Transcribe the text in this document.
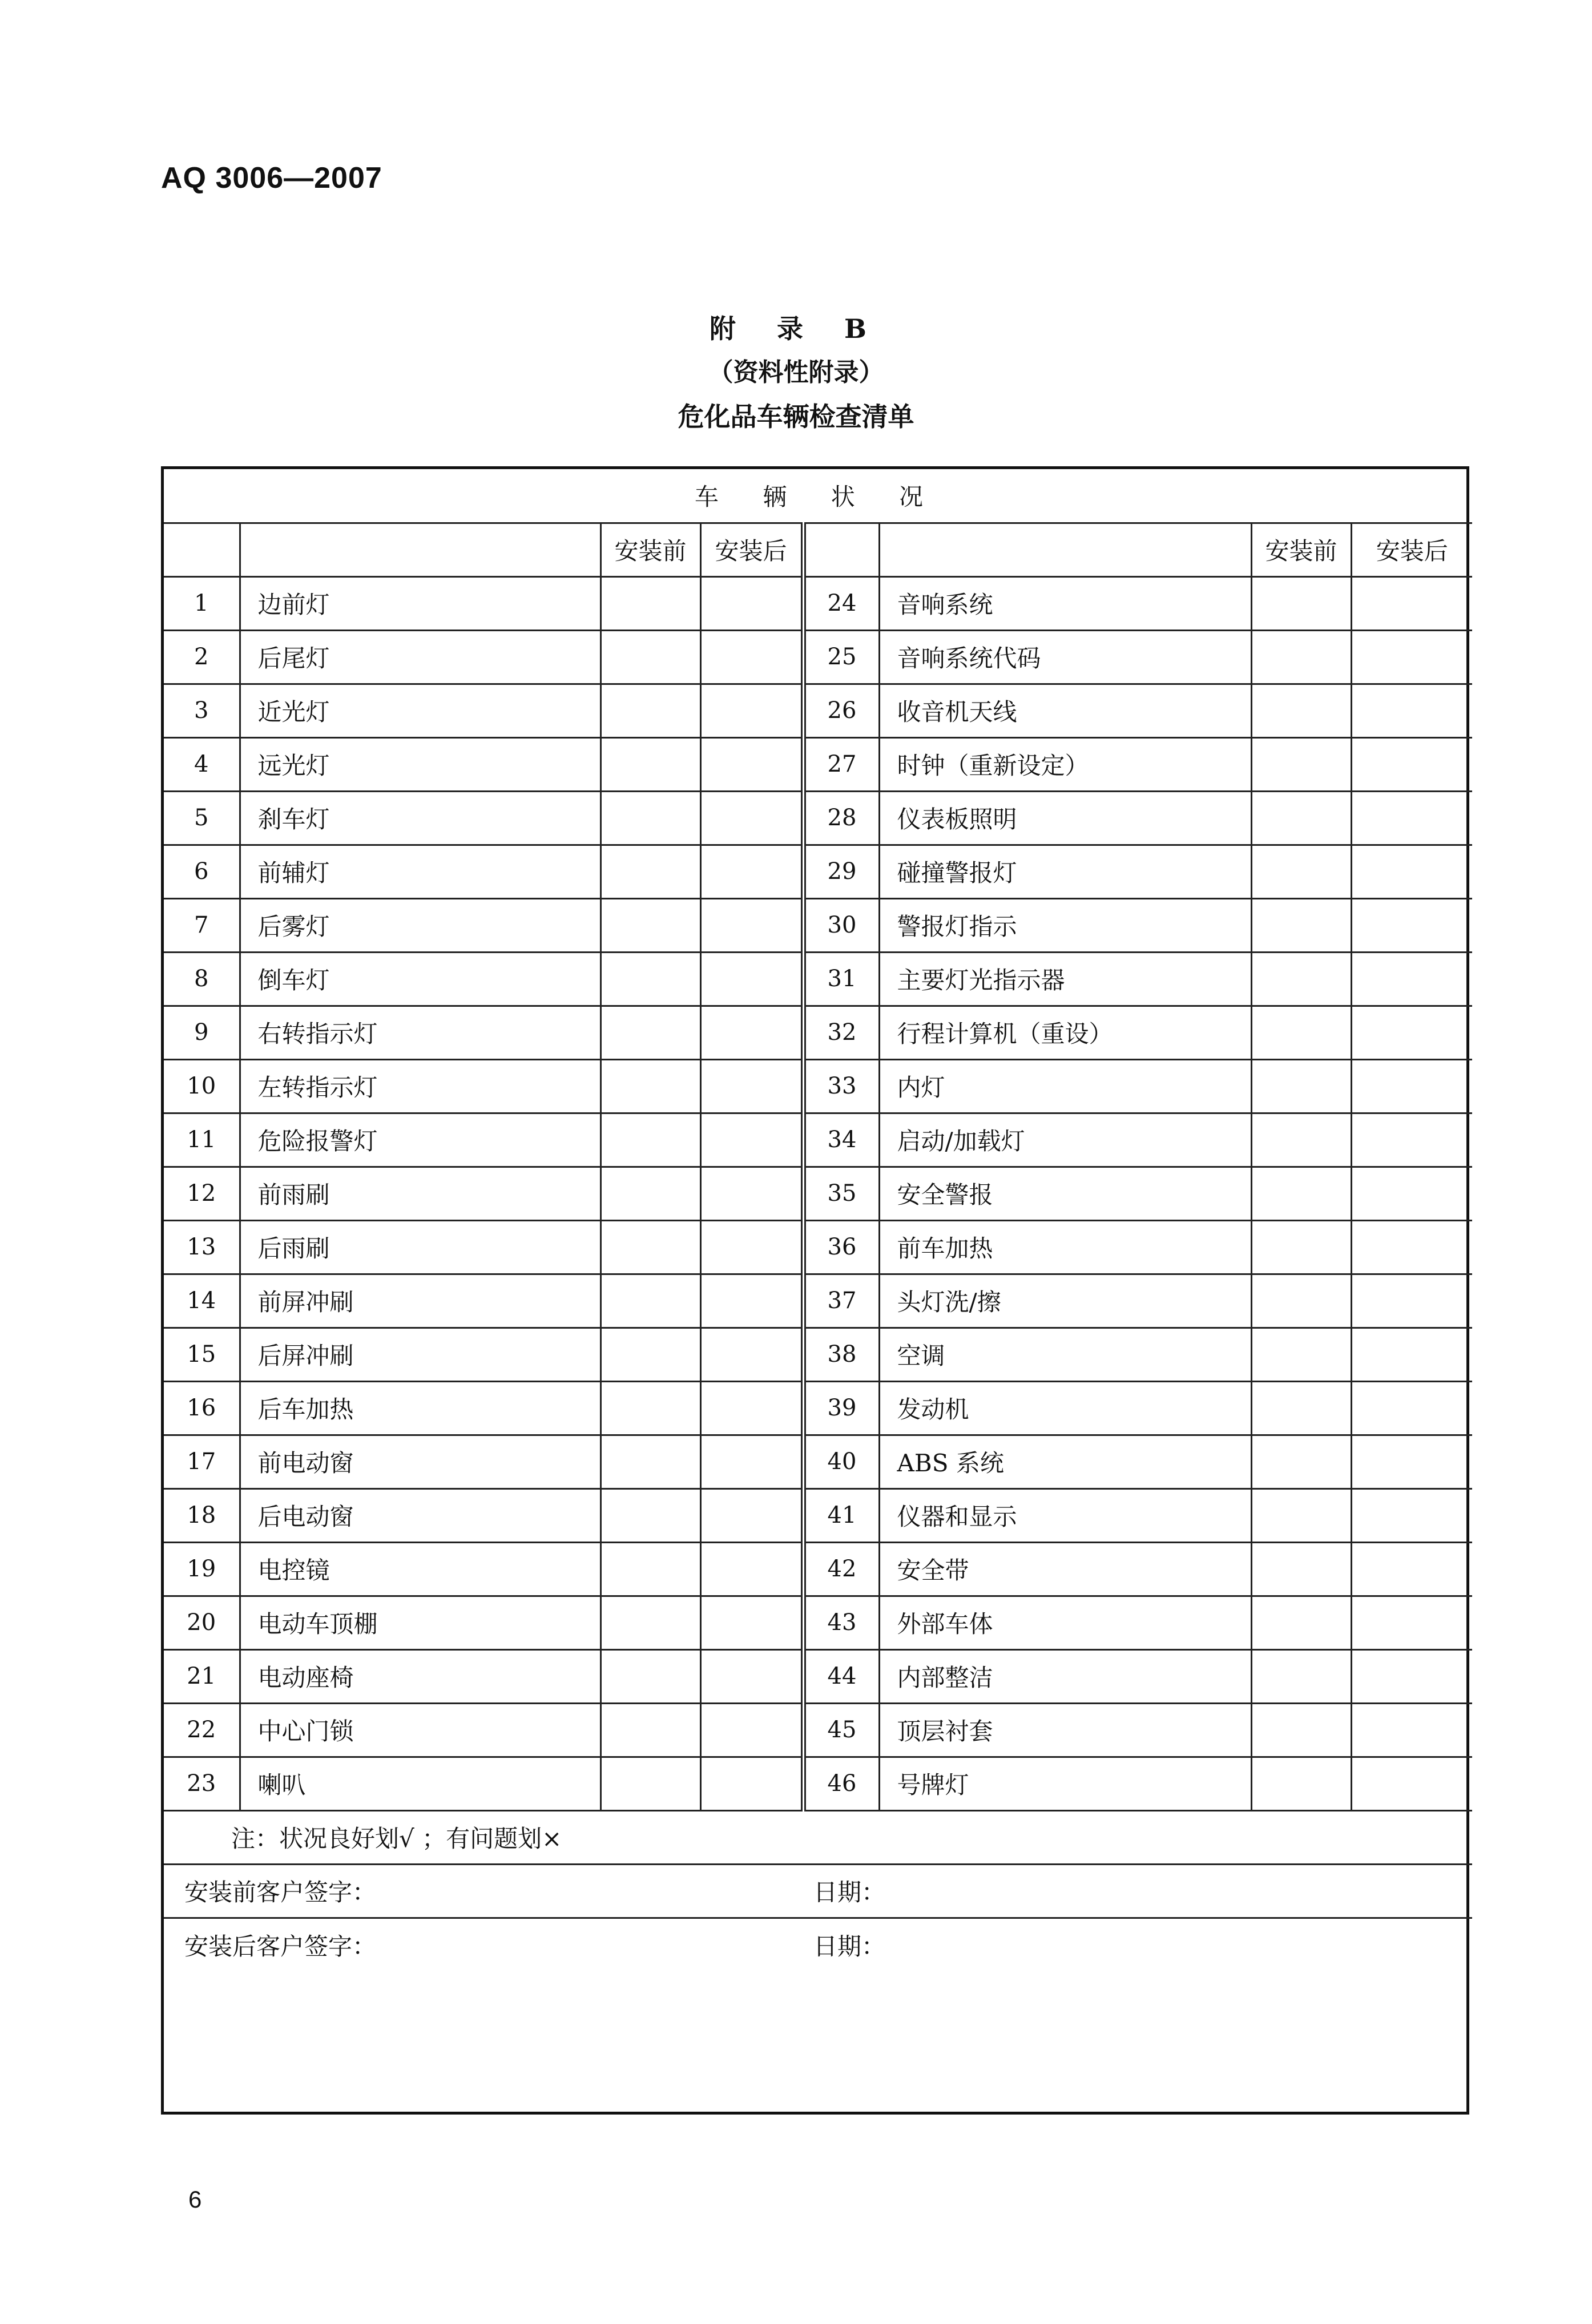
AQ 3006—2007
附 录 B
（资料性附录）
危化品车辆检查清单
车 辆 状 况							
		安装前	安装后			安装前	安装后
1	边前灯			24	音响系统		
2	后尾灯			25	音响系统代码		
3	近光灯			26	收音机天线		
4	远光灯			27	时钟（重新设定）		
5	刹车灯			28	仪表板照明		
6	前辅灯			29	碰撞警报灯		
7	后雾灯			30	警报灯指示		
8	倒车灯			31	主要灯光指示器		
9	右转指示灯			32	行程计算机（重设）		
10	左转指示灯			33	内灯		
11	危险报警灯			34	启动/加载灯		
12	前雨刷			35	安全警报		
13	后雨刷			36	前车加热		
14	前屏冲刷			37	头灯洗/擦		
15	后屏冲刷			38	空调		
16	后车加热			39	发动机		
17	前电动窗			40	ABS 系统		
18	后电动窗			41	仪器和显示		
19	电控镜			42	安全带		
20	电动车顶棚			43	外部车体		
21	电动座椅			44	内部整洁		
22	中心门锁			45	顶层衬套		
23	喇叭			46	号牌灯		
注：状况良好划√ ；有问题划×							
安装前客户签字：				日期：			
安装后客户签字：				日期：			
6
